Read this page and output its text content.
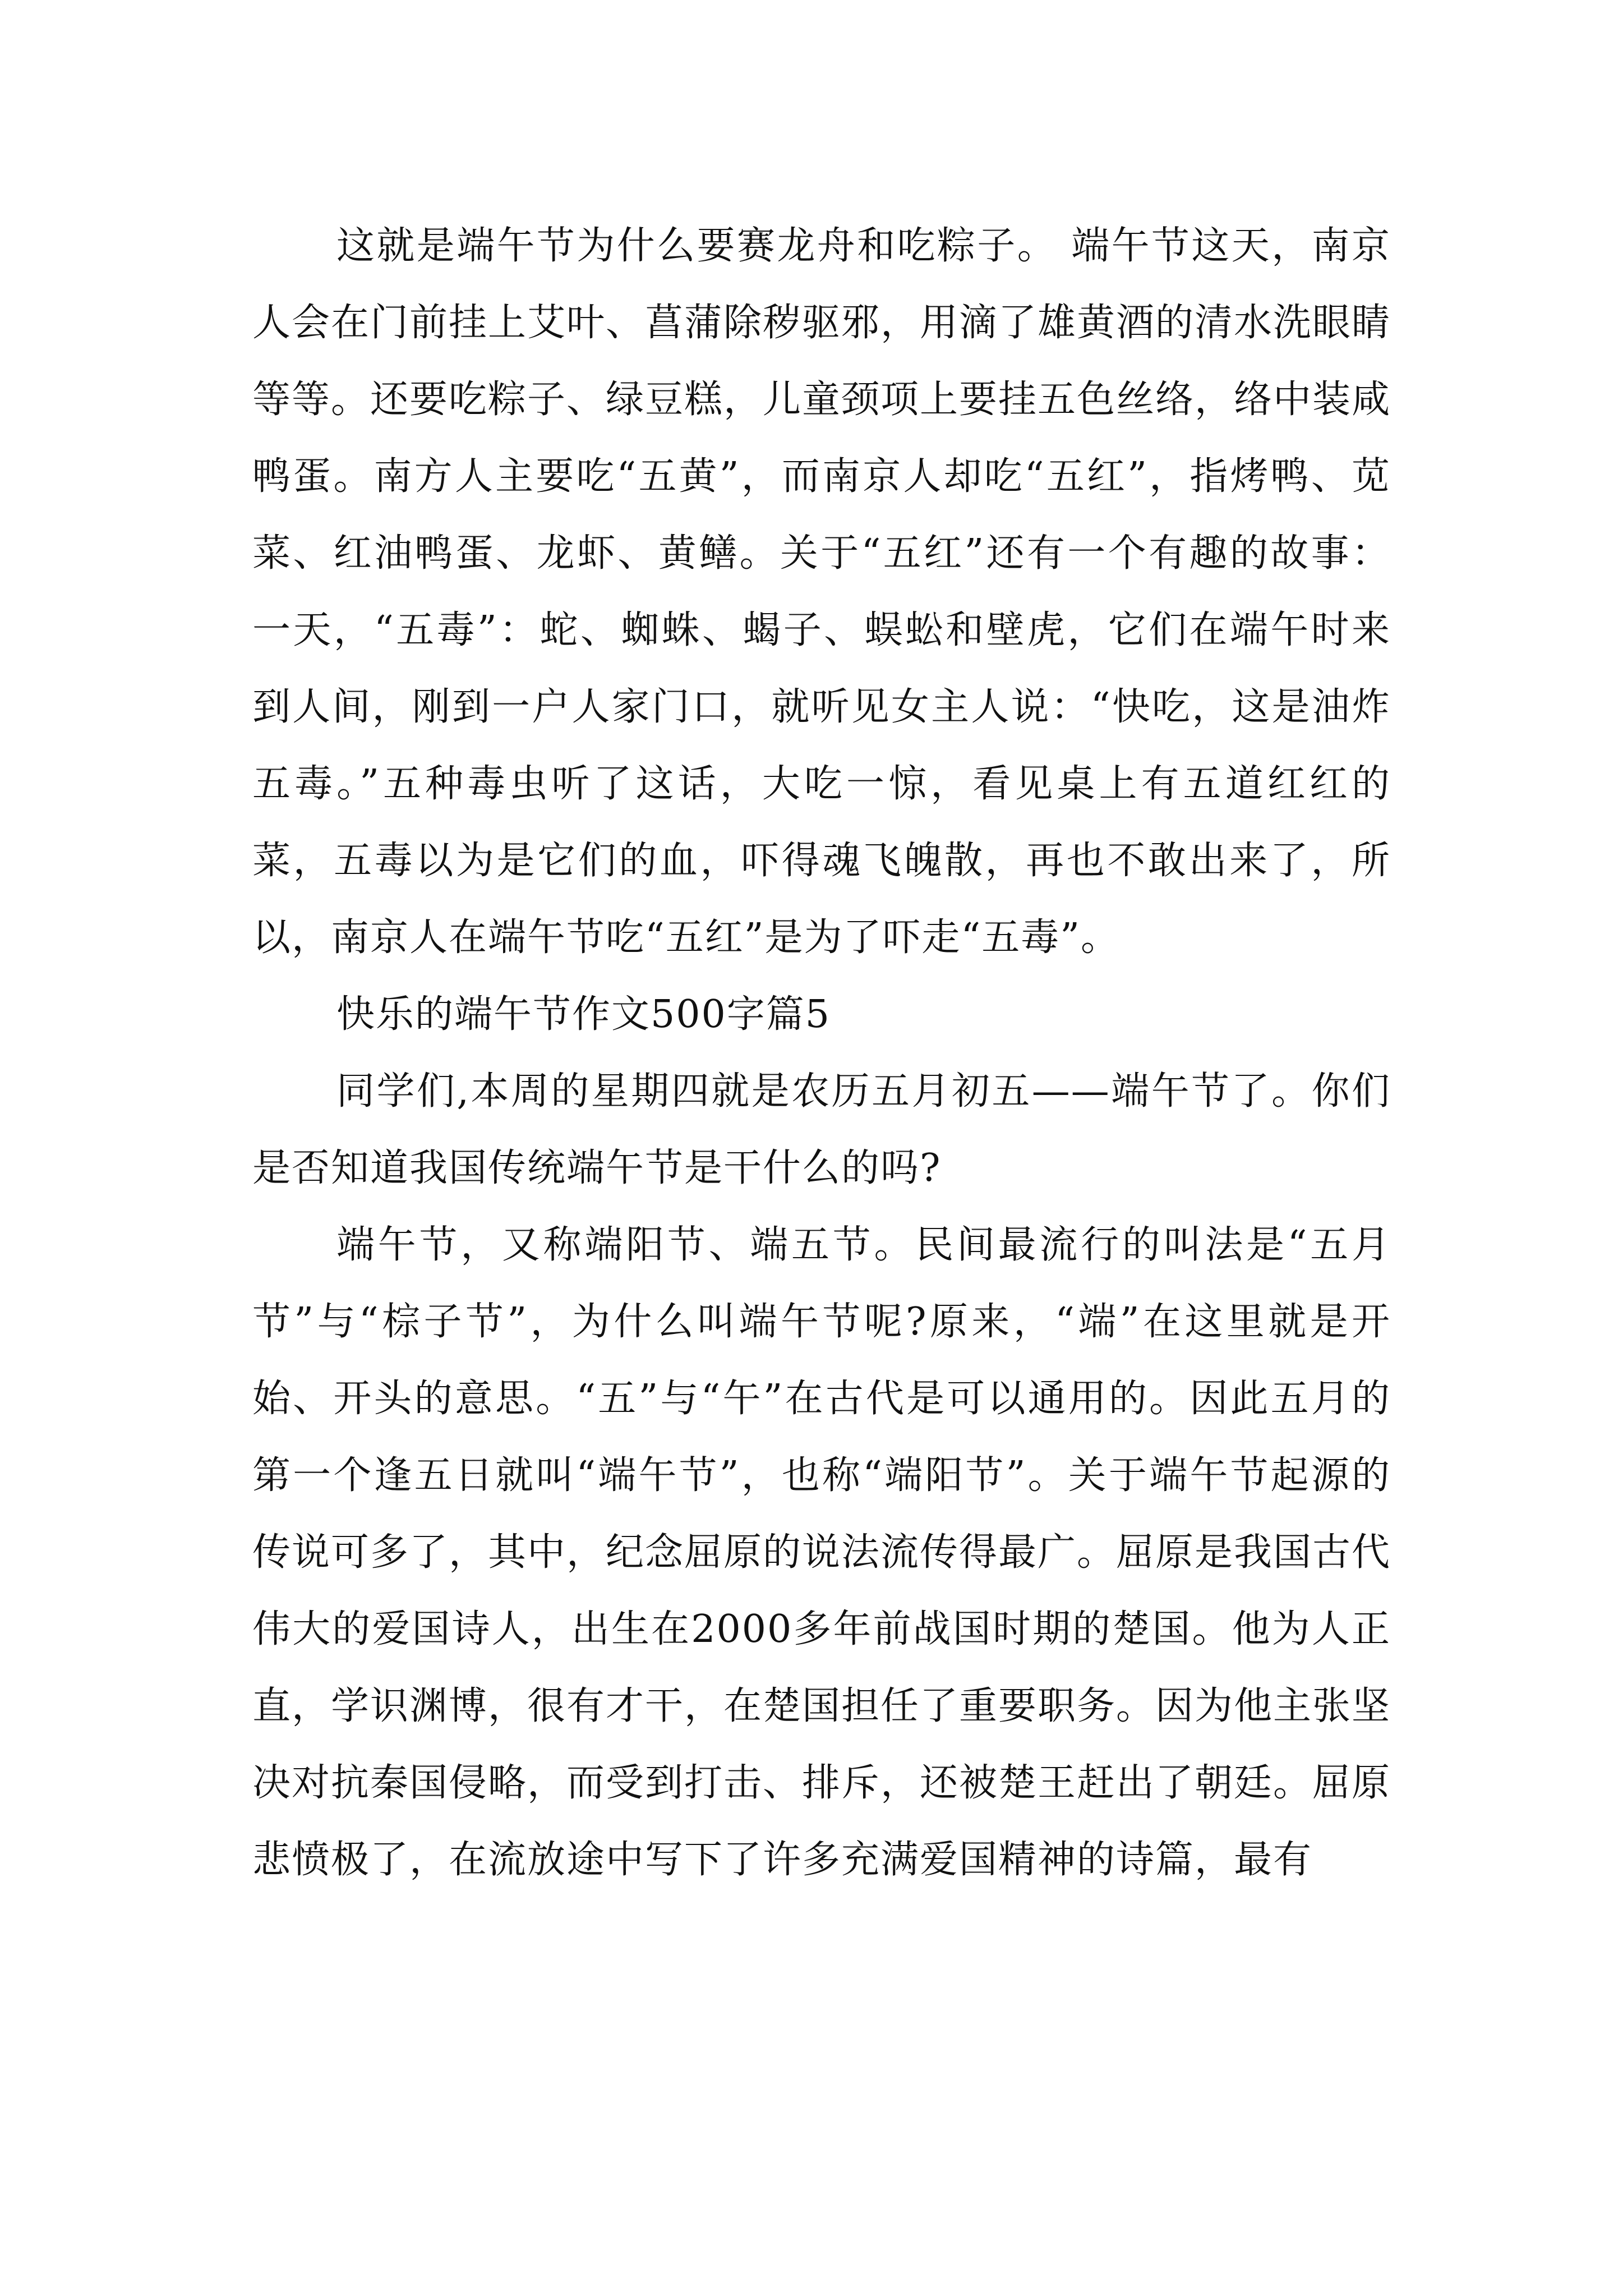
这就是端午节为什么要赛龙舟和吃粽子。 端午节这天，南京人会在门前挂上艾叶、菖蒲除秽驱邪，用滴了雄黄酒的清水洗眼睛等等。还要吃粽子、绿豆糕，儿童颈项上要挂五色丝络，络中装咸鸭蛋。南方人主要吃“五黄”，而南京人却吃“五红”，指烤鸭、苋菜、红油鸭蛋、龙虾、黄鳝。关于“五红”还有一个有趣的故事：一天，“五毒”：蛇、蜘蛛、蝎子、蜈蚣和壁虎，它们在端午时来到人间，刚到一户人家门口，就听见女主人说：“快吃，这是油炸五毒。”五种毒虫听了这话，大吃一惊，看见桌上有五道红红的菜，五毒以为是它们的血，吓得魂飞魄散，再也不敢出来了，所以，南京人在端午节吃“五红”是为了吓走“五毒”。

快乐的端午节作文500字篇5

同学们,本周的星期四就是农历五月初五——端午节了。你们是否知道我国传统端午节是干什么的吗?

端午节，又称端阳节、端五节。民间最流行的叫法是“五月节”与“棕子节”，为什么叫端午节呢?原来，“端”在这里就是开始、开头的意思。“五”与“午”在古代是可以通用的。因此五月的第一个逢五日就叫“端午节”，也称“端阳节”。关于端午节起源的传说可多了，其中，纪念屈原的说法流传得最广。屈原是我国古代伟大的爱国诗人，出生在2000多年前战国时期的楚国。他为人正直，学识渊博，很有才干，在楚国担任了重要职务。因为他主张坚决对抗秦国侵略，而受到打击、排斥，还被楚王赶出了朝廷。屈原悲愤极了，在流放途中写下了许多充满爱国精神的诗篇，最有
